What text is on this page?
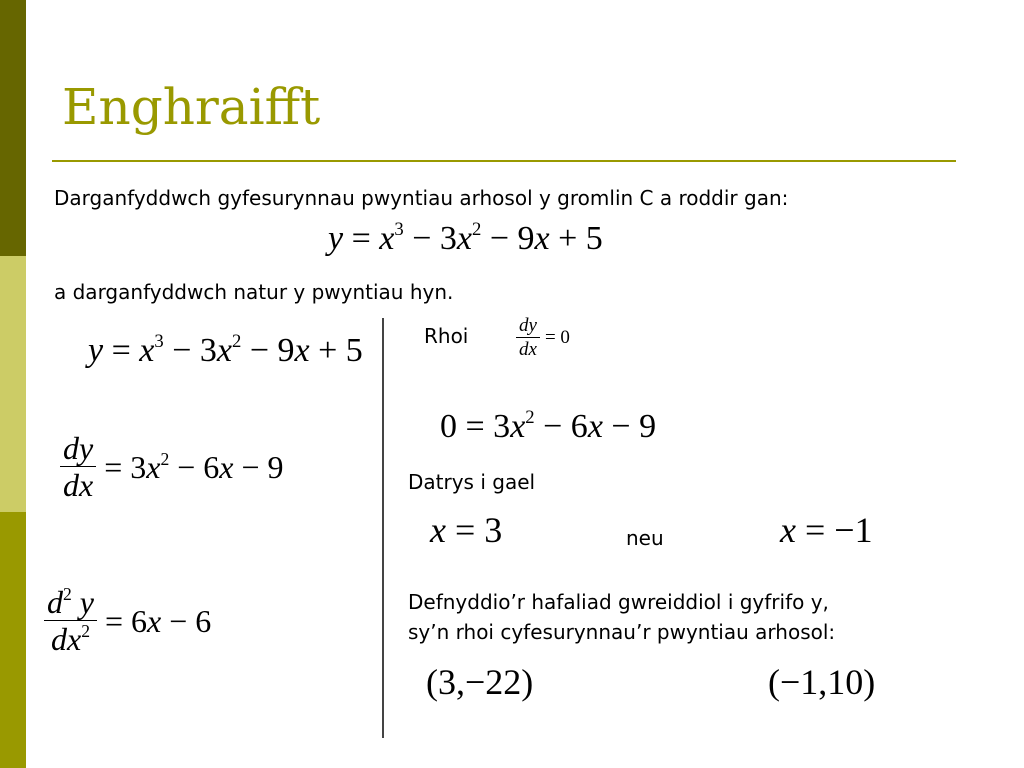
Enghraifft
Darganfyddwch gyfesurynnau pwyntiau arhosol y gromlin C a roddir gan:
$y = x^3 - 3x^2 - 9x + 5$
a darganfyddwch natur y pwyntiau hyn.
$y = x^3 - 3x^2 - 9x + 5$
$\frac{dy}{dx} = 3x^2 - 6x - 9$
$\frac{d^2 y}{dx^2} = 6x - 6$
Rhoi	$\frac{dy}{dx} = 0$
$0 = 3x^2 - 6x - 9$
Datrys i gael
x = 3	neu	x = −1
Defnyddio’r hafaliad gwreiddiol i gyfrifo y,
sy’n rhoi cyfesurynnau’r pwyntiau arhosol:
(3,−22)	(−1,10)
